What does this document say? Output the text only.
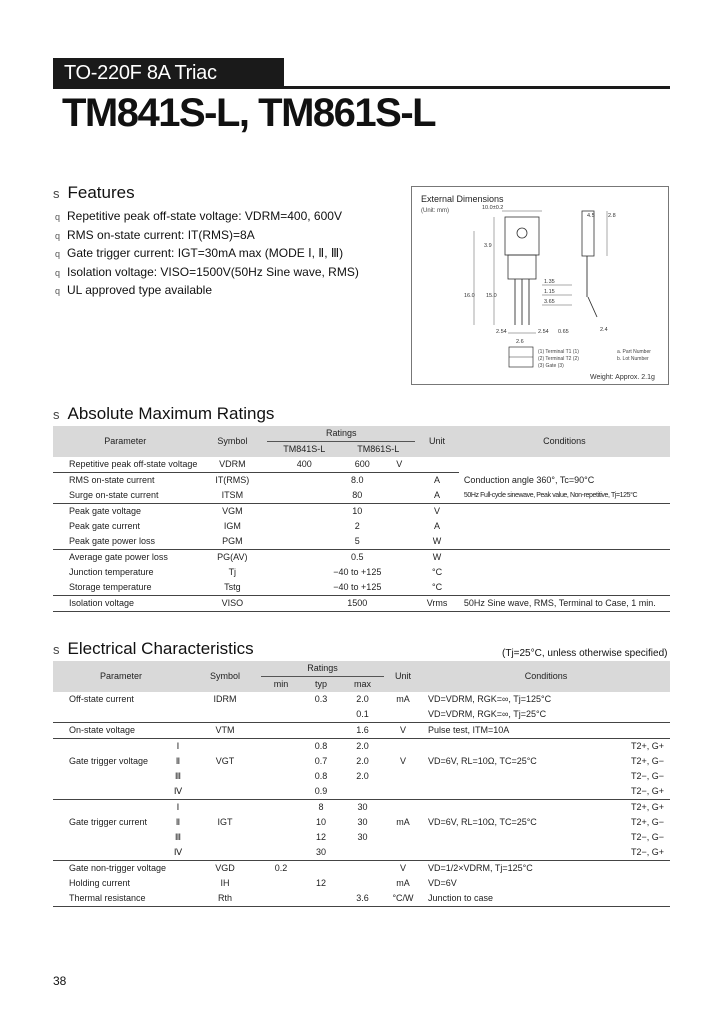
TO-220F 8A Triac
TM841S-L, TM861S-L
s Features
q Repetitive peak off-state voltage: VDRM=400, 600V
q RMS on-state current: IT(RMS)=8A
q Gate trigger current: IGT=30mA max (MODE Ⅰ, Ⅱ, Ⅲ)
q Isolation voltage: VISO=1500V(50Hz Sine wave, RMS)
q UL approved type available
External Dimensions
(Unit: mm)	10.0±0.2
4.5 2.8
3.9
16.0 15.0
1.35
1.15
3.65
2.54	2.54 0.65	2.4
2.6
(1) Terminal T1 (1)
(2) Terminal T2 (2)
(3) Gate (3)
a. Part Number
b. Lot Number
Weight: Approx. 2.1g
s Absolute Maximum Ratings
Parameter	Symbol	Ratings				Unit	Conditions
		TM841S-L		TM861S-L			
Repetitive peak off-state voltage	VDRM	400		600	V		
RMS on-state current	IT(RMS)		8.0			A	Conduction angle 360°, Tc=90°C
Surge on-state current	ITSM		80			A	50Hz Full-cycle sinewave, Peak value, Non-repetitive, Tj=125°C
Peak gate voltage	VGM		10			V	
Peak gate current	IGM		2			A	
Peak gate power loss	PGM		5			W	
Average gate power loss	PG(AV)		0.5			W	
Junction temperature	Tj		−40 to +125			°C	
Storage temperature	Tstg		−40 to +125			°C	
Isolation voltage	VISO		1500			Vrms	50Hz Sine wave, RMS, Terminal to Case, 1 min.
s Electrical Characteristics	(Tj=25°C, unless otherwise specified)
Parameter		Symbol	Ratings			Unit	Conditions	
			min	typ	max			
Off-state current		IDRM		0.3	2.0	mA	VD=VDRM, RGK=∞, Tj=125°C	
					0.1		VD=VDRM, RGK=∞, Tj=25°C	
On-state voltage		VTM			1.6	V	Pulse test, ITM=10A	
	Ⅰ			0.8	2.0			T2+, G+
Gate trigger voltage	Ⅱ	VGT		0.7	2.0	V	VD=6V, RL=10Ω, TC=25°C	T2+, G−
	Ⅲ			0.8	2.0			T2−, G−
	Ⅳ			0.9				T2−, G+
	Ⅰ			8	30			T2+, G+
Gate trigger current	Ⅱ	IGT		10	30	mA	VD=6V, RL=10Ω, TC=25°C	T2+, G−
	Ⅲ			12	30			T2−, G−
	Ⅳ			30				T2−, G+
Gate non-trigger voltage		VGD	0.2			V	VD=1/2×VDRM, Tj=125°C	
Holding current		IH		12		mA	VD=6V	
Thermal resistance		Rth			3.6	°C/W	Junction to case	
38
